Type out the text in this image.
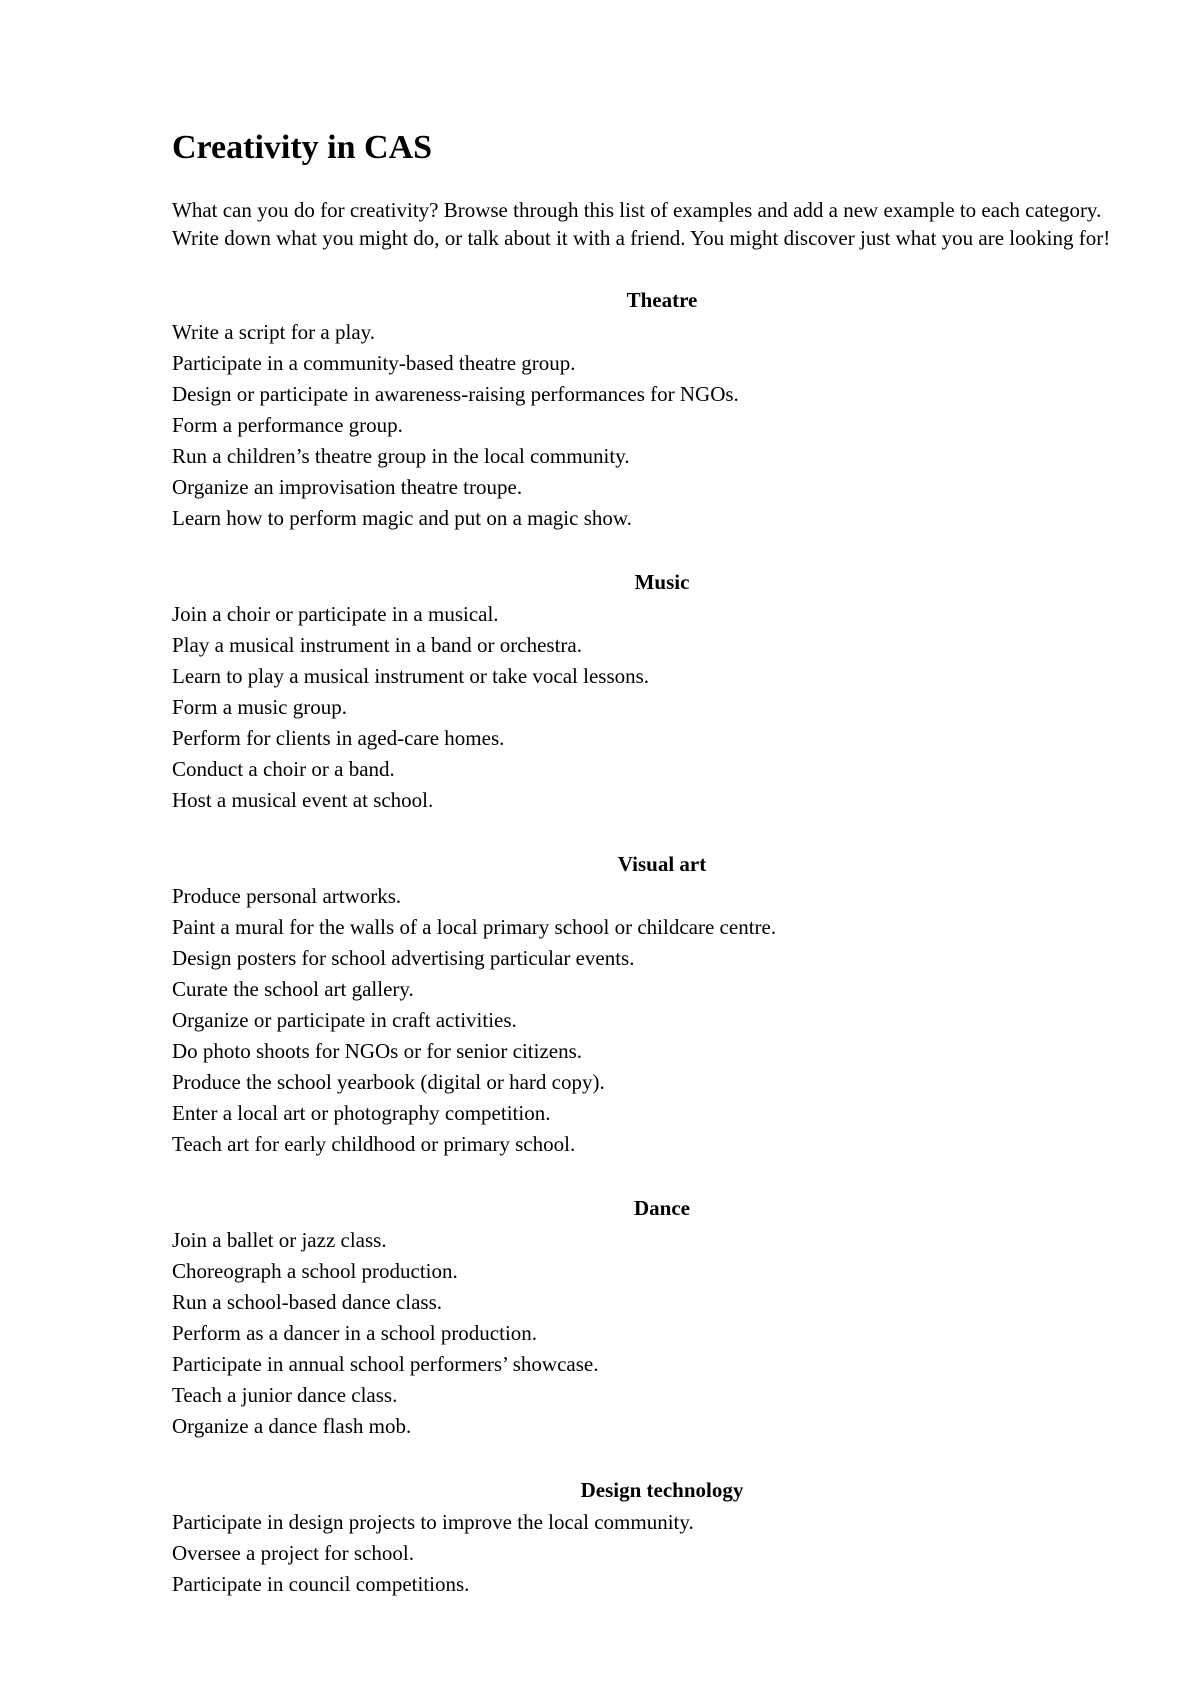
Creativity in CAS

What can you do for creativity? Browse through this list of examples and add a new example to each category. Write down what you might do, or talk about it with a friend. You might discover just what you are looking for!

Theatre
Write a script for a play.
Participate in a community-based theatre group.
Design or participate in awareness-raising performances for NGOs.
Form a performance group.
Run a children’s theatre group in the local community.
Organize an improvisation theatre troupe.
Learn how to perform magic and put on a magic show.
Music
Join a choir or participate in a musical.
Play a musical instrument in a band or orchestra.
Learn to play a musical instrument or take vocal lessons.
Form a music group.
Perform for clients in aged-care homes.
Conduct a choir or a band.
Host a musical event at school.
Visual art
Produce personal artworks.
Paint a mural for the walls of a local primary school or childcare centre.
Design posters for school advertising particular events.
Curate the school art gallery.
Organize or participate in craft activities.
Do photo shoots for NGOs or for senior citizens.
Produce the school yearbook (digital or hard copy).
Enter a local art or photography competition.
Teach art for early childhood or primary school.
Dance
Join a ballet or jazz class.
Choreograph a school production.
Run a school-based dance class.
Perform as a dancer in a school production.
Participate in annual school performers’ showcase.
Teach a junior dance class.
Organize a dance flash mob.
Design technology
Participate in design projects to improve the local community.
Oversee a project for school.
Participate in council competitions.
